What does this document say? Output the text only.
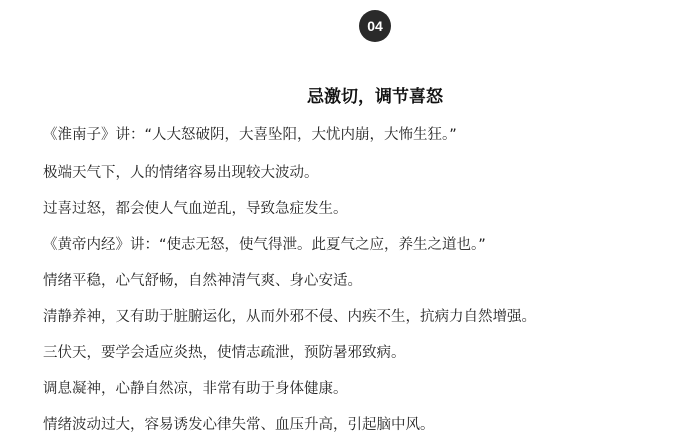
04
忌激切，调节喜怒

《淮南子》讲：“人大怒破阴，大喜坠阳，大忧内崩，大怖生狂。”

极端天气下，人的情绪容易出现较大波动。

过喜过怒，都会使人气血逆乱，导致急症发生。

《黄帝内经》讲：“使志无怒，使气得泄。此夏气之应，养生之道也。”

情绪平稳，心气舒畅，自然神清气爽、身心安适。

清静养神，又有助于脏腑运化，从而外邪不侵、内疾不生，抗病力自然增强。

三伏天，要学会适应炎热，使情志疏泄，预防暑邪致病。

调息凝神，心静自然凉，非常有助于身体健康。

情绪波动过大，容易诱发心律失常、血压升高，引起脑中风。
